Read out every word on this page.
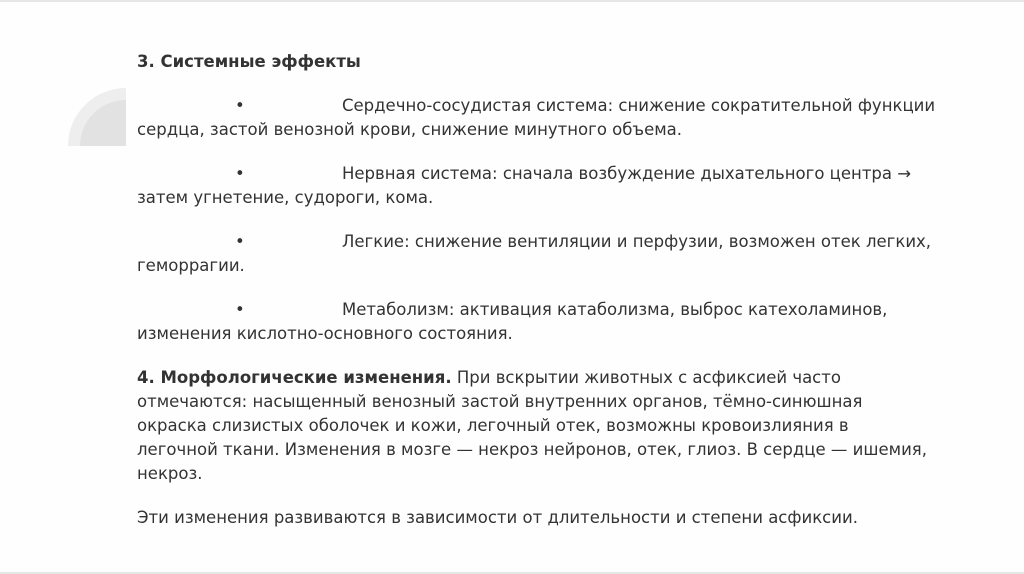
3. Системные эффекты
•	Сердечно-сосудистая система: снижение сократительной функции
сердца, застой венозной крови, снижение минутного объема.
•	Нервная система: сначала возбуждение дыхательного центра →
затем угнетение, судороги, кома.
•	Легкие: снижение вентиляции и перфузии, возможен отек легких,
геморрагии.
•	Метаболизм: активация катаболизма, выброс катехоламинов,
изменения кислотно-основного состояния.
4. Морфологические изменения. При вскрытии животных с асфиксией часто
отмечаются: насыщенный венозный застой внутренних органов, тёмно-синюшная
окраска слизистых оболочек и кожи, легочный отек, возможны кровоизлияния в
легочной ткани. Изменения в мозге — некроз нейронов, отек, глиоз. В сердце — ишемия,
некроз.
Эти изменения развиваются в зависимости от длительности и степени асфиксии.
